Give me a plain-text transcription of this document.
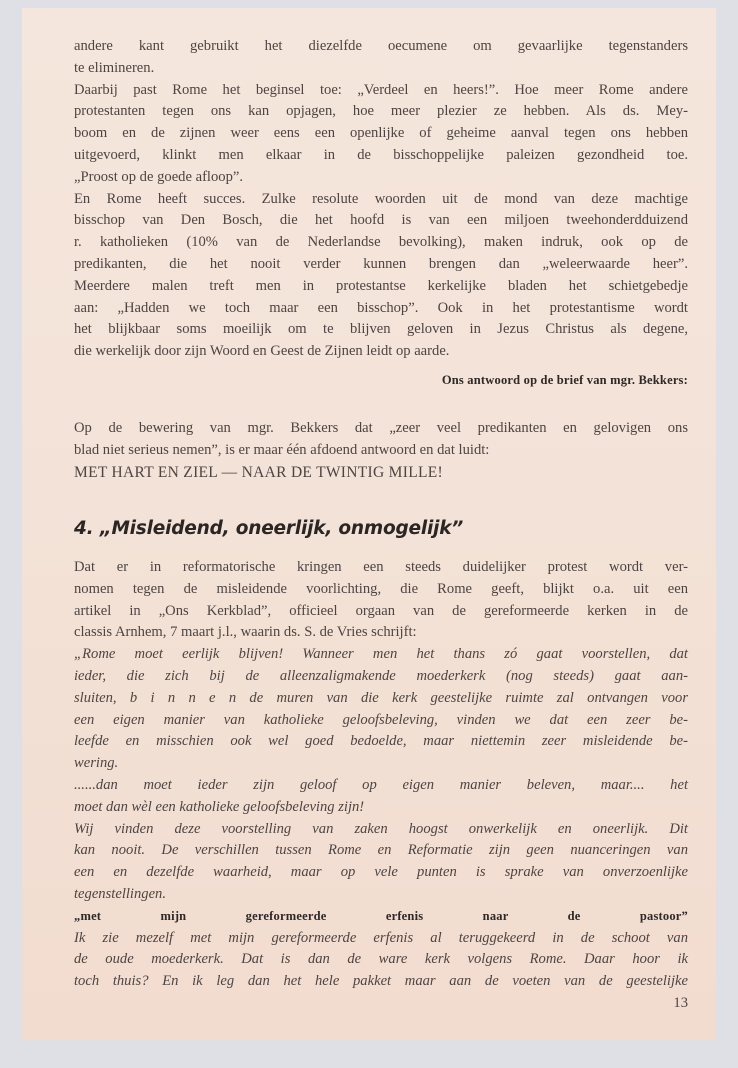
andere kant gebruikt het diezelfde oecumene om gevaarlijke tegenstanders
te elimineren.
Daarbij past Rome het beginsel toe: „Verdeel en heers!”. Hoe meer Rome andere
protestanten tegen ons kan opjagen, hoe meer plezier ze hebben. Als ds. Mey-
boom en de zijnen weer eens een openlijke of geheime aanval tegen ons hebben
uitgevoerd, klinkt men elkaar in de bisschoppelijke paleizen gezondheid toe.
„Proost op de goede afloop”.
En Rome heeft succes. Zulke resolute woorden uit de mond van deze machtige
bisschop van Den Bosch, die het hoofd is van een miljoen tweehonderdduizend
r. katholieken (10% van de Nederlandse bevolking), maken indruk, ook op de
predikanten, die het nooit verder kunnen brengen dan „weleerwaarde heer”.
Meerdere malen treft men in protestantse kerkelijke bladen het schietgebedje
aan: „Hadden we toch maar een bisschop”. Ook in het protestantisme wordt
het blijkbaar soms moeilijk om te blijven geloven in Jezus Christus als degene,
die werkelijk door zijn Woord en Geest de Zijnen leidt op aarde.
Ons antwoord op de brief van mgr. Bekkers:
Op de bewering van mgr. Bekkers dat „zeer veel predikanten en gelovigen ons
blad niet serieus nemen”, is er maar één afdoend antwoord en dat luidt:
MET HART EN ZIEL — NAAR DE TWINTIG MILLE!
4. „Misleidend, oneerlijk, onmogelijk”
Dat er in reformatorische kringen een steeds duidelijker protest wordt ver-
nomen tegen de misleidende voorlichting, die Rome geeft, blijkt o.a. uit een
artikel in „Ons Kerkblad”, officieel orgaan van de gereformeerde kerken in de
classis Arnhem, 7 maart j.l., waarin ds. S. de Vries schrijft:
„Rome moet eerlijk blijven! Wanneer men het thans zó gaat voorstellen, dat
ieder, die zich bij de alleenzaligmakende moederkerk (nog steeds) gaat aan-
sluiten, b i n n e n de muren van die kerk geestelijke ruimte zal ontvangen voor
een eigen manier van katholieke geloofsbeleving, vinden we dat een zeer be-
leefde en misschien ook wel goed bedoelde, maar niettemin zeer misleidende be-
wering.
......dan moet ieder zijn geloof op eigen manier beleven, maar.... het
moet dan wèl een katholieke geloofsbeleving zijn!
Wij vinden deze voorstelling van zaken hoogst onwerkelijk en oneerlijk. Dit
kan nooit. De verschillen tussen Rome en Reformatie zijn geen nuanceringen van
een en dezelfde waarheid, maar op vele punten is sprake van onverzoenlijke
tegenstellingen.
„met mijn gereformeerde erfenis naar de pastoor”
Ik zie mezelf met mijn gereformeerde erfenis al teruggekeerd in de schoot van
de oude moederkerk. Dat is dan de ware kerk volgens Rome. Daar hoor ik
toch thuis? En ik leg dan het hele pakket maar aan de voeten van de geestelijke
13
